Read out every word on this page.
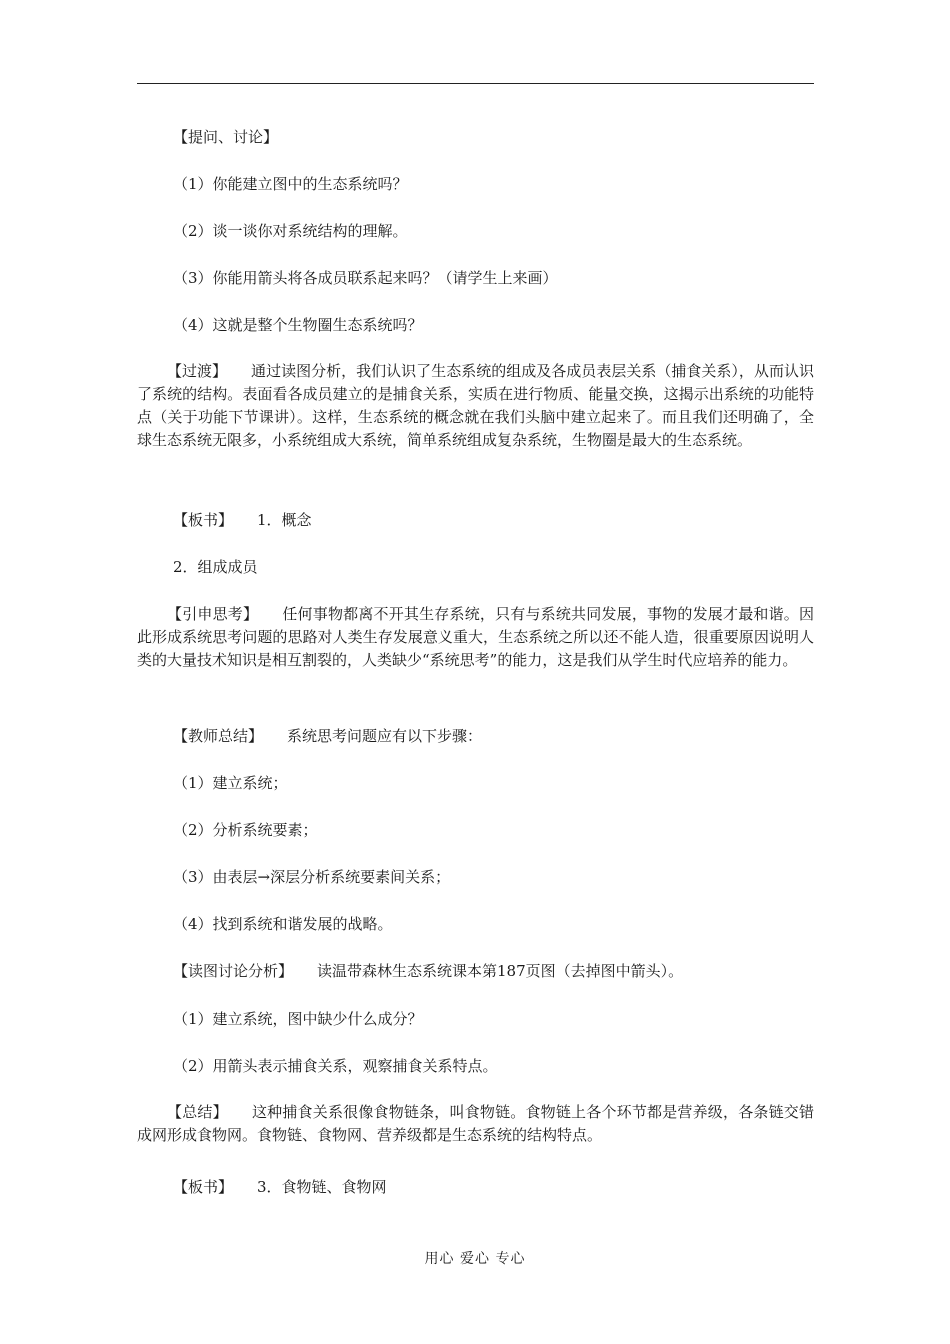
【提问、讨论】
（1）你能建立图中的生态系统吗？
（2）谈一谈你对系统结构的理解。
（3）你能用箭头将各成员联系起来吗？（请学生上来画）
（4）这就是整个生物圈生态系统吗？
【过渡】 通过读图分析，我们认识了生态系统的组成及各成员表层关系（捕食关系），从而认识了系统的结构。表面看各成员建立的是捕食关系，实质在进行物质、能量交换，这揭示出系统的功能特点（关于功能下节课讲）。这样，生态系统的概念就在我们头脑中建立起来了。而且我们还明确了，全球生态系统无限多，小系统组成大系统，简单系统组成复杂系统，生物圈是最大的生态系统。
【板书】 1．概念
2．组成成员
【引申思考】 任何事物都离不开其生存系统，只有与系统共同发展，事物的发展才最和谐。因此形成系统思考问题的思路对人类生存发展意义重大，生态系统之所以还不能人造，很重要原因说明人类的大量技术知识是相互割裂的，人类缺少“系统思考”的能力，这是我们从学生时代应培养的能力。
【教师总结】 系统思考问题应有以下步骤：
（1）建立系统；
（2）分析系统要素；
（3）由表层→深层分析系统要素间关系；
（4）找到系统和谐发展的战略。
【读图讨论分析】 读温带森林生态系统课本第187页图（去掉图中箭头）。
（1）建立系统，图中缺少什么成分？
（2）用箭头表示捕食关系，观察捕食关系特点。
【总结】 这种捕食关系很像食物链条，叫食物链。食物链上各个环节都是营养级，各条链交错成网形成食物网。食物链、食物网、营养级都是生态系统的结构特点。
【板书】 3．食物链、食物网
用心 爱心 专心
